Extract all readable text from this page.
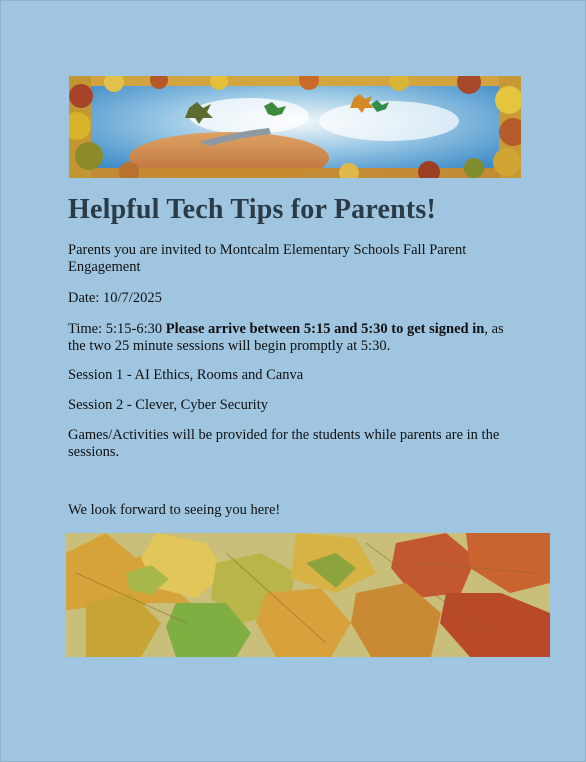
Helpful Tech Tips for Parents!

Parents you are invited to Montcalm Elementary Schools Fall Parent Engagement

Date: 10/7/2025

Time: 5:15-6:30 Please arrive between 5:15 and 5:30 to get signed in, as the two 25 minute sessions will begin promptly at 5:30.

Session 1 - AI Ethics, Rooms and Canva

Session 2 - Clever, Cyber Security

Games/Activities will be provided for the students while parents are in the sessions.

We look forward to seeing you here!
